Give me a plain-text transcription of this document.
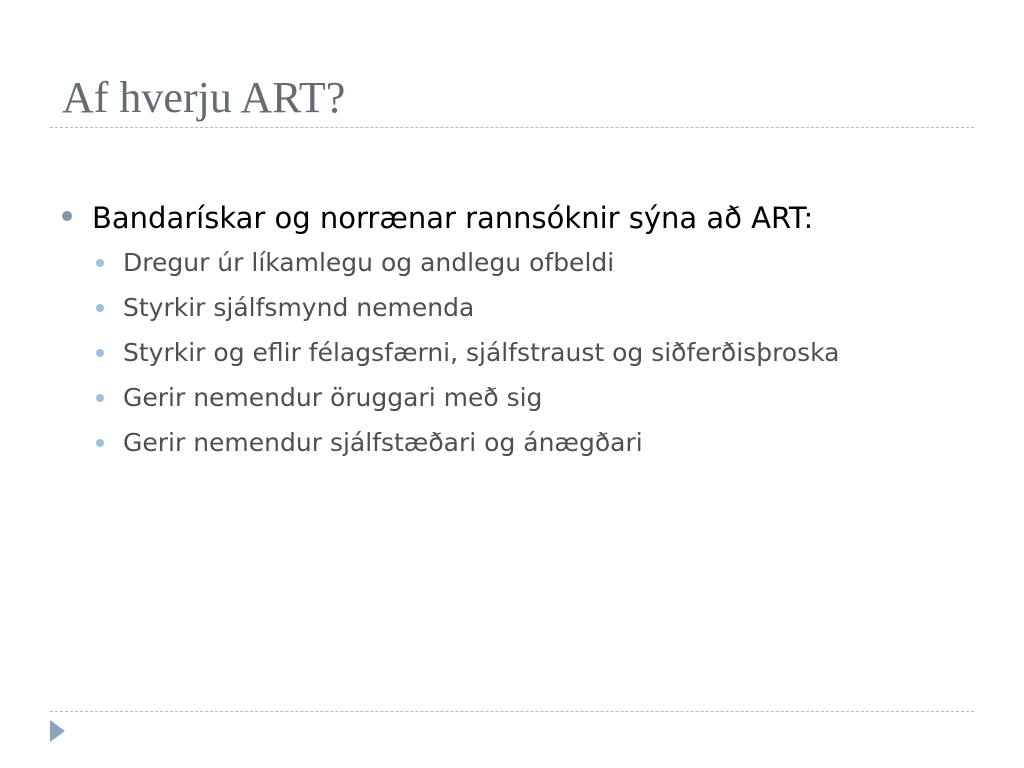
Af hverju ART?
Bandarískar og norrænar rannsóknir sýna að ART:
Dregur úr líkamlegu og andlegu ofbeldi
Styrkir sjálfsmynd nemenda
Styrkir og eflir félagsfærni, sjálfstraust og siðferðisþroska
Gerir nemendur öruggari með sig
Gerir nemendur sjálfstæðari og ánægðari
